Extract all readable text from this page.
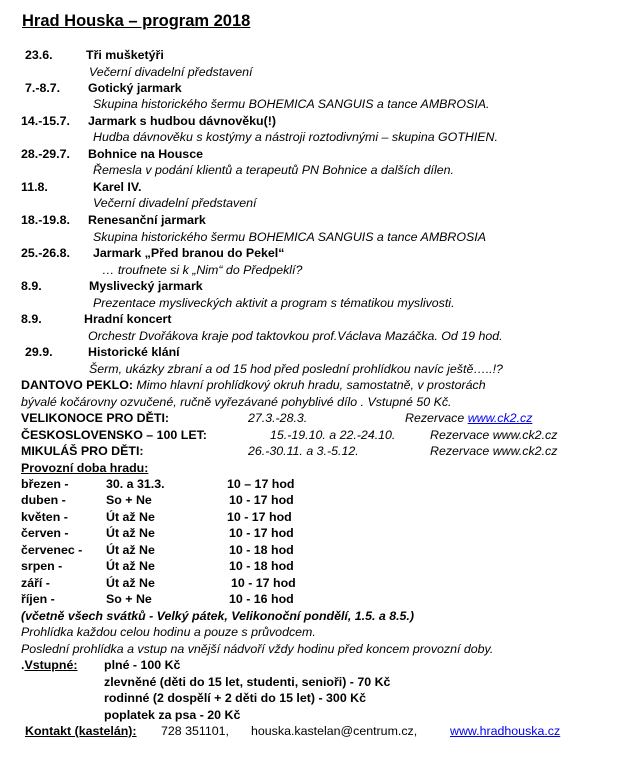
Hrad Houska – program 2018
23.6.	Tři mušketýři
Večerní divadelní představení
7.-8.7. Gotický jarmark
Skupina historického šermu BOHEMICA SANGUIS a tance AMBROSIA.
14.-15.7. Jarmark s hudbou dávnověku(!)
Hudba dávnověku s kostýmy a nástroji roztodivnými – skupina GOTHIEN.
28.-29.7. Bohnice na Housce
Řemesla v podání klientů a terapeutů PN Bohnice a dalších dílen.
11.8.	Karel IV.
Večerní divadelní představení
18.-19.8. Renesanční jarmark
Skupina historického šermu BOHEMICA SANGUIS a tance AMBROSIA
25.-26.8. Jarmark „Před branou do Pekel“
… troufnete si k „Nim“ do Předpeklí?
8.9.	Myslivecký jarmark
Prezentace mysliveckých aktivit a program s tématikou myslivosti.
8.9.	Hradní koncert
Orchestr Dvořákova kraje pod taktovkou prof.Václava Mazáčka. Od 19 hod.
29.9.	Historické klání
Šerm, ukázky zbraní a od 15 hod před poslední prohlídkou navíc ještě…..!?
DANTOVO PEKLO: Mimo hlavní prohlídkový okruh hradu, samostatně, v prostorách
bývalé kočárovny ozvučené, ručně vyřezávané pohyblivé dílo . Vstupné 50 Kč.
VELIKONOCE PRO DĚTI:	27.3.-28.3.	Rezervace www.ck2.cz
ČESKOSLOVENSKO – 100 LET:	15.-19.10. a 22.-24.10.	Rezervace www.ck2.cz
MIKULÁŠ PRO DĚTI:	26.-30.11. a 3.-5.12.	Rezervace www.ck2.cz
Provozní doba hradu:
březen -	30. a 31.3.	10 – 17 hod
duben -	So + Ne	10 - 17 hod
květen -	Út až Ne	10 - 17 hod
červen -	Út až Ne	10 - 17 hod
červenec - Út až Ne	10 - 18 hod
srpen -	Út až Ne	10 - 18 hod
září -	Út až Ne	10 - 17 hod
říjen -	So + Ne	10 - 16 hod
(včetně všech svátků - Velký pátek, Velikonoční pondělí, 1.5. a 8.5.)
Prohlídka každou celou hodinu a pouze s průvodcem.
Poslední prohlídka a vstup na vnější nádvoří vždy hodinu před koncem provozní doby.
.Vstupné: plné - 100 Kč
zlevněné (děti do 15 let, studenti, senioři) - 70 Kč
rodinné (2 dospělí + 2 děti do 15 let) - 300 Kč
poplatek za psa - 20 Kč
Kontakt (kastelán): 728 351101, houska.kastelan@centrum.cz,	www.hradhouska.cz
